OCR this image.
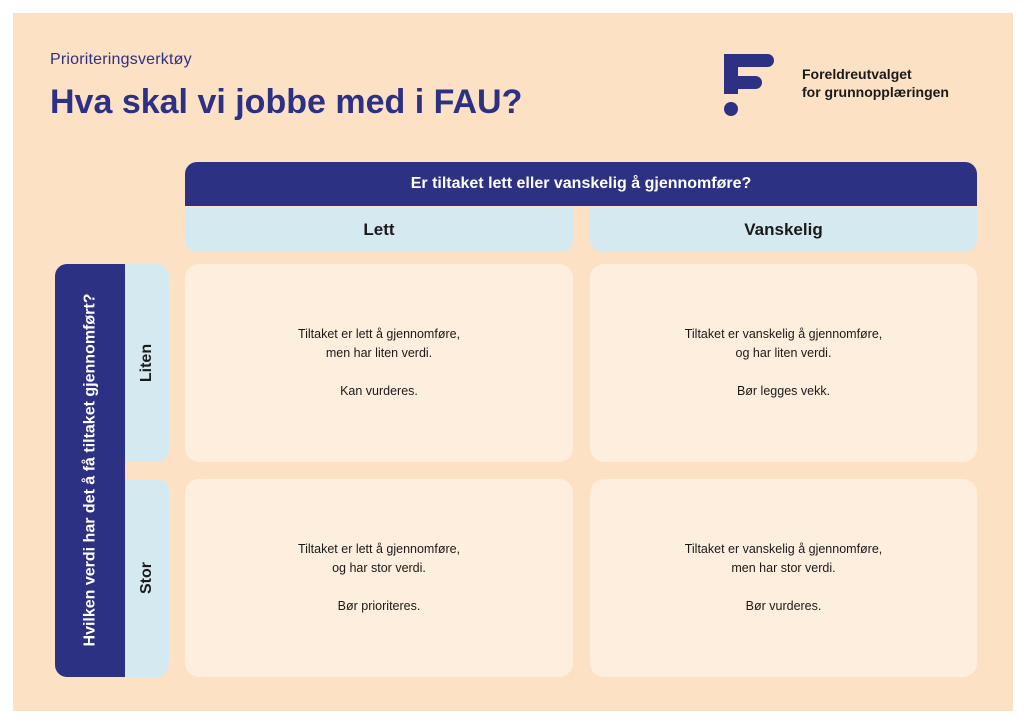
Prioriteringsverktøy
Hva skal vi jobbe med i FAU?
Foreldreutvalget
for grunnopplæringen
Er tiltaket lett eller vanskelig å gjennomføre?
Lett	Vanskelig
Hvilken verdi har det å få tiltaket gjennomført? Liten
Stor
Tiltaket er lett å gjennomføre,
men har liten verdi.
Kan vurderes.
Tiltaket er vanskelig å gjennomføre,
og har liten verdi.
Bør legges vekk.
Tiltaket er lett å gjennomføre,
og har stor verdi.
Bør prioriteres.
Tiltaket er vanskelig å gjennomføre,
men har stor verdi.
Bør vurderes.
